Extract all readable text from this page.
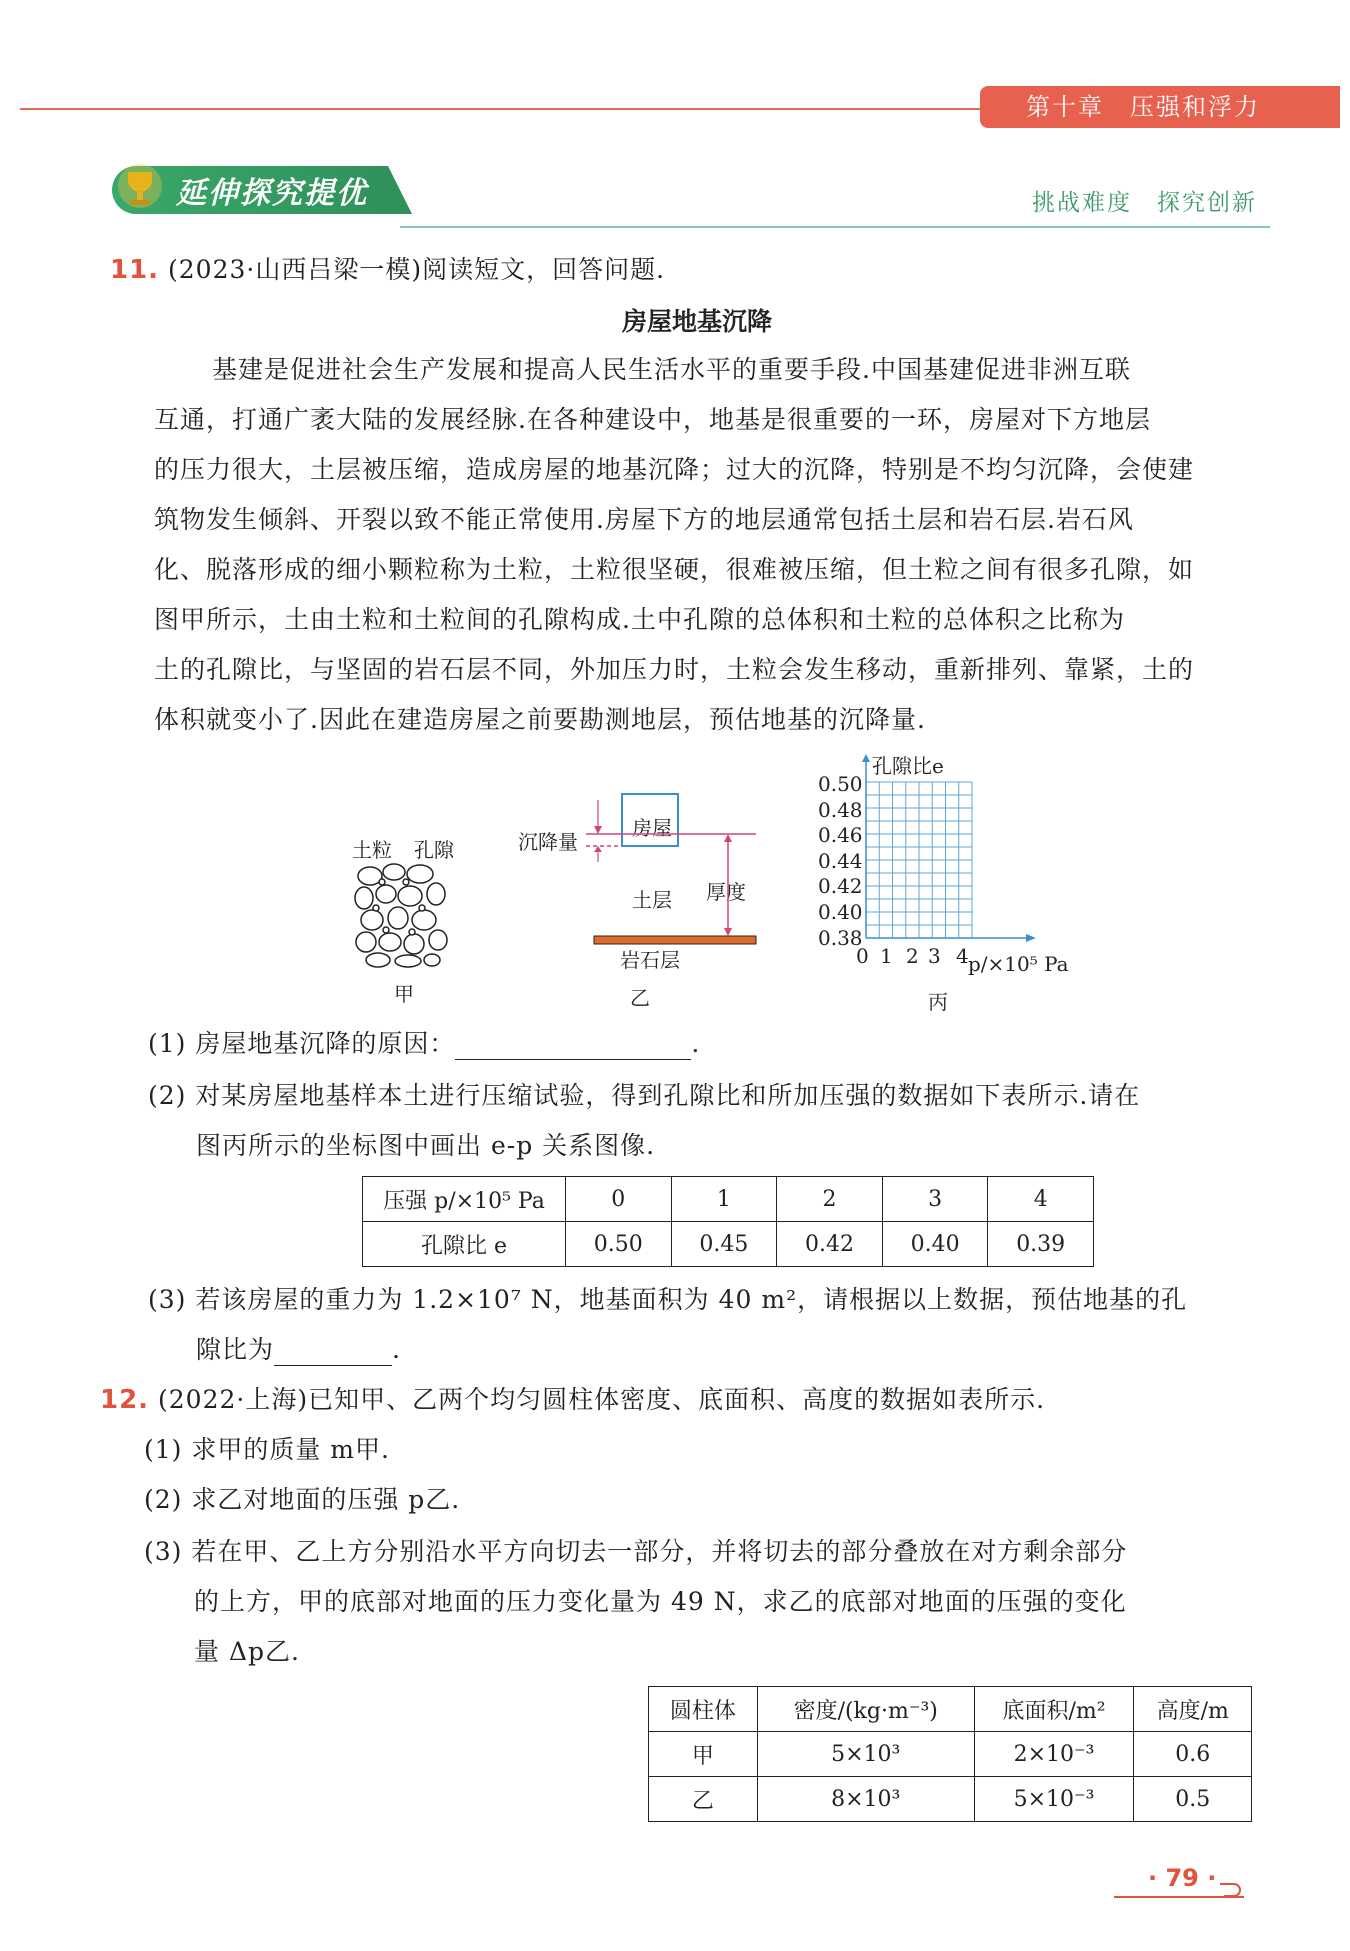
第十章　压强和浮力
延伸探究提优	挑战难度　探究创新
11. (2023·山西吕梁一模)阅读短文，回答问题.
房屋地基沉降
基建是促进社会生产发展和提高人民生活水平的重要手段.中国基建促进非洲互联
互通，打通广袤大陆的发展经脉.在各种建设中，地基是很重要的一环，房屋对下方地层
的压力很大，土层被压缩，造成房屋的地基沉降；过大的沉降，特别是不均匀沉降，会使建
筑物发生倾斜、开裂以致不能正常使用.房屋下方的地层通常包括土层和岩石层.岩石风
化、脱落形成的细小颗粒称为土粒，土粒很坚硬，很难被压缩，但土粒之间有很多孔隙，如
图甲所示，土由土粒和土粒间的孔隙构成.土中孔隙的总体积和土粒的总体积之比称为
土的孔隙比，与坚固的岩石层不同，外加压力时，土粒会发生移动，重新排列、靠紧，土的
体积就变小了.因此在建造房屋之前要勘测地层，预估地基的沉降量.
土粒 孔隙
甲
沉降量
房屋
土层 厚度
岩石层
乙
孔隙比e
0.50
0.48
0.46
0.44
0.42
0.40
0.38
0 1 2 3 4 p/×10⁵ Pa
丙
(1) 房屋地基沉降的原因：	.
(2) 对某房屋地基样本土进行压缩试验，得到孔隙比和所加压强的数据如下表所示.请在
图丙所示的坐标图中画出 e-p 关系图像.
压强 p/×10⁵ Pa	0	1	2	3	4
孔隙比 e	0.50	0.45	0.42	0.40	0.39
(3) 若该房屋的重力为 1.2×10⁷ N，地基面积为 40 m²，请根据以上数据，预估地基的孔
隙比为	.
12. (2022·上海)已知甲、乙两个均匀圆柱体密度、底面积、高度的数据如表所示.
(1) 求甲的质量 m甲.
(2) 求乙对地面的压强 p乙.
(3) 若在甲、乙上方分别沿水平方向切去一部分，并将切去的部分叠放在对方剩余部分
的上方，甲的底部对地面的压力变化量为 49 N，求乙的底部对地面的压强的变化
量 Δp乙.
圆柱体	密度/(kg·m⁻³)	底面积/m²	高度/m
甲	5×10³	2×10⁻³	0.6
乙	8×10³	5×10⁻³	0.5
· 79 ·
